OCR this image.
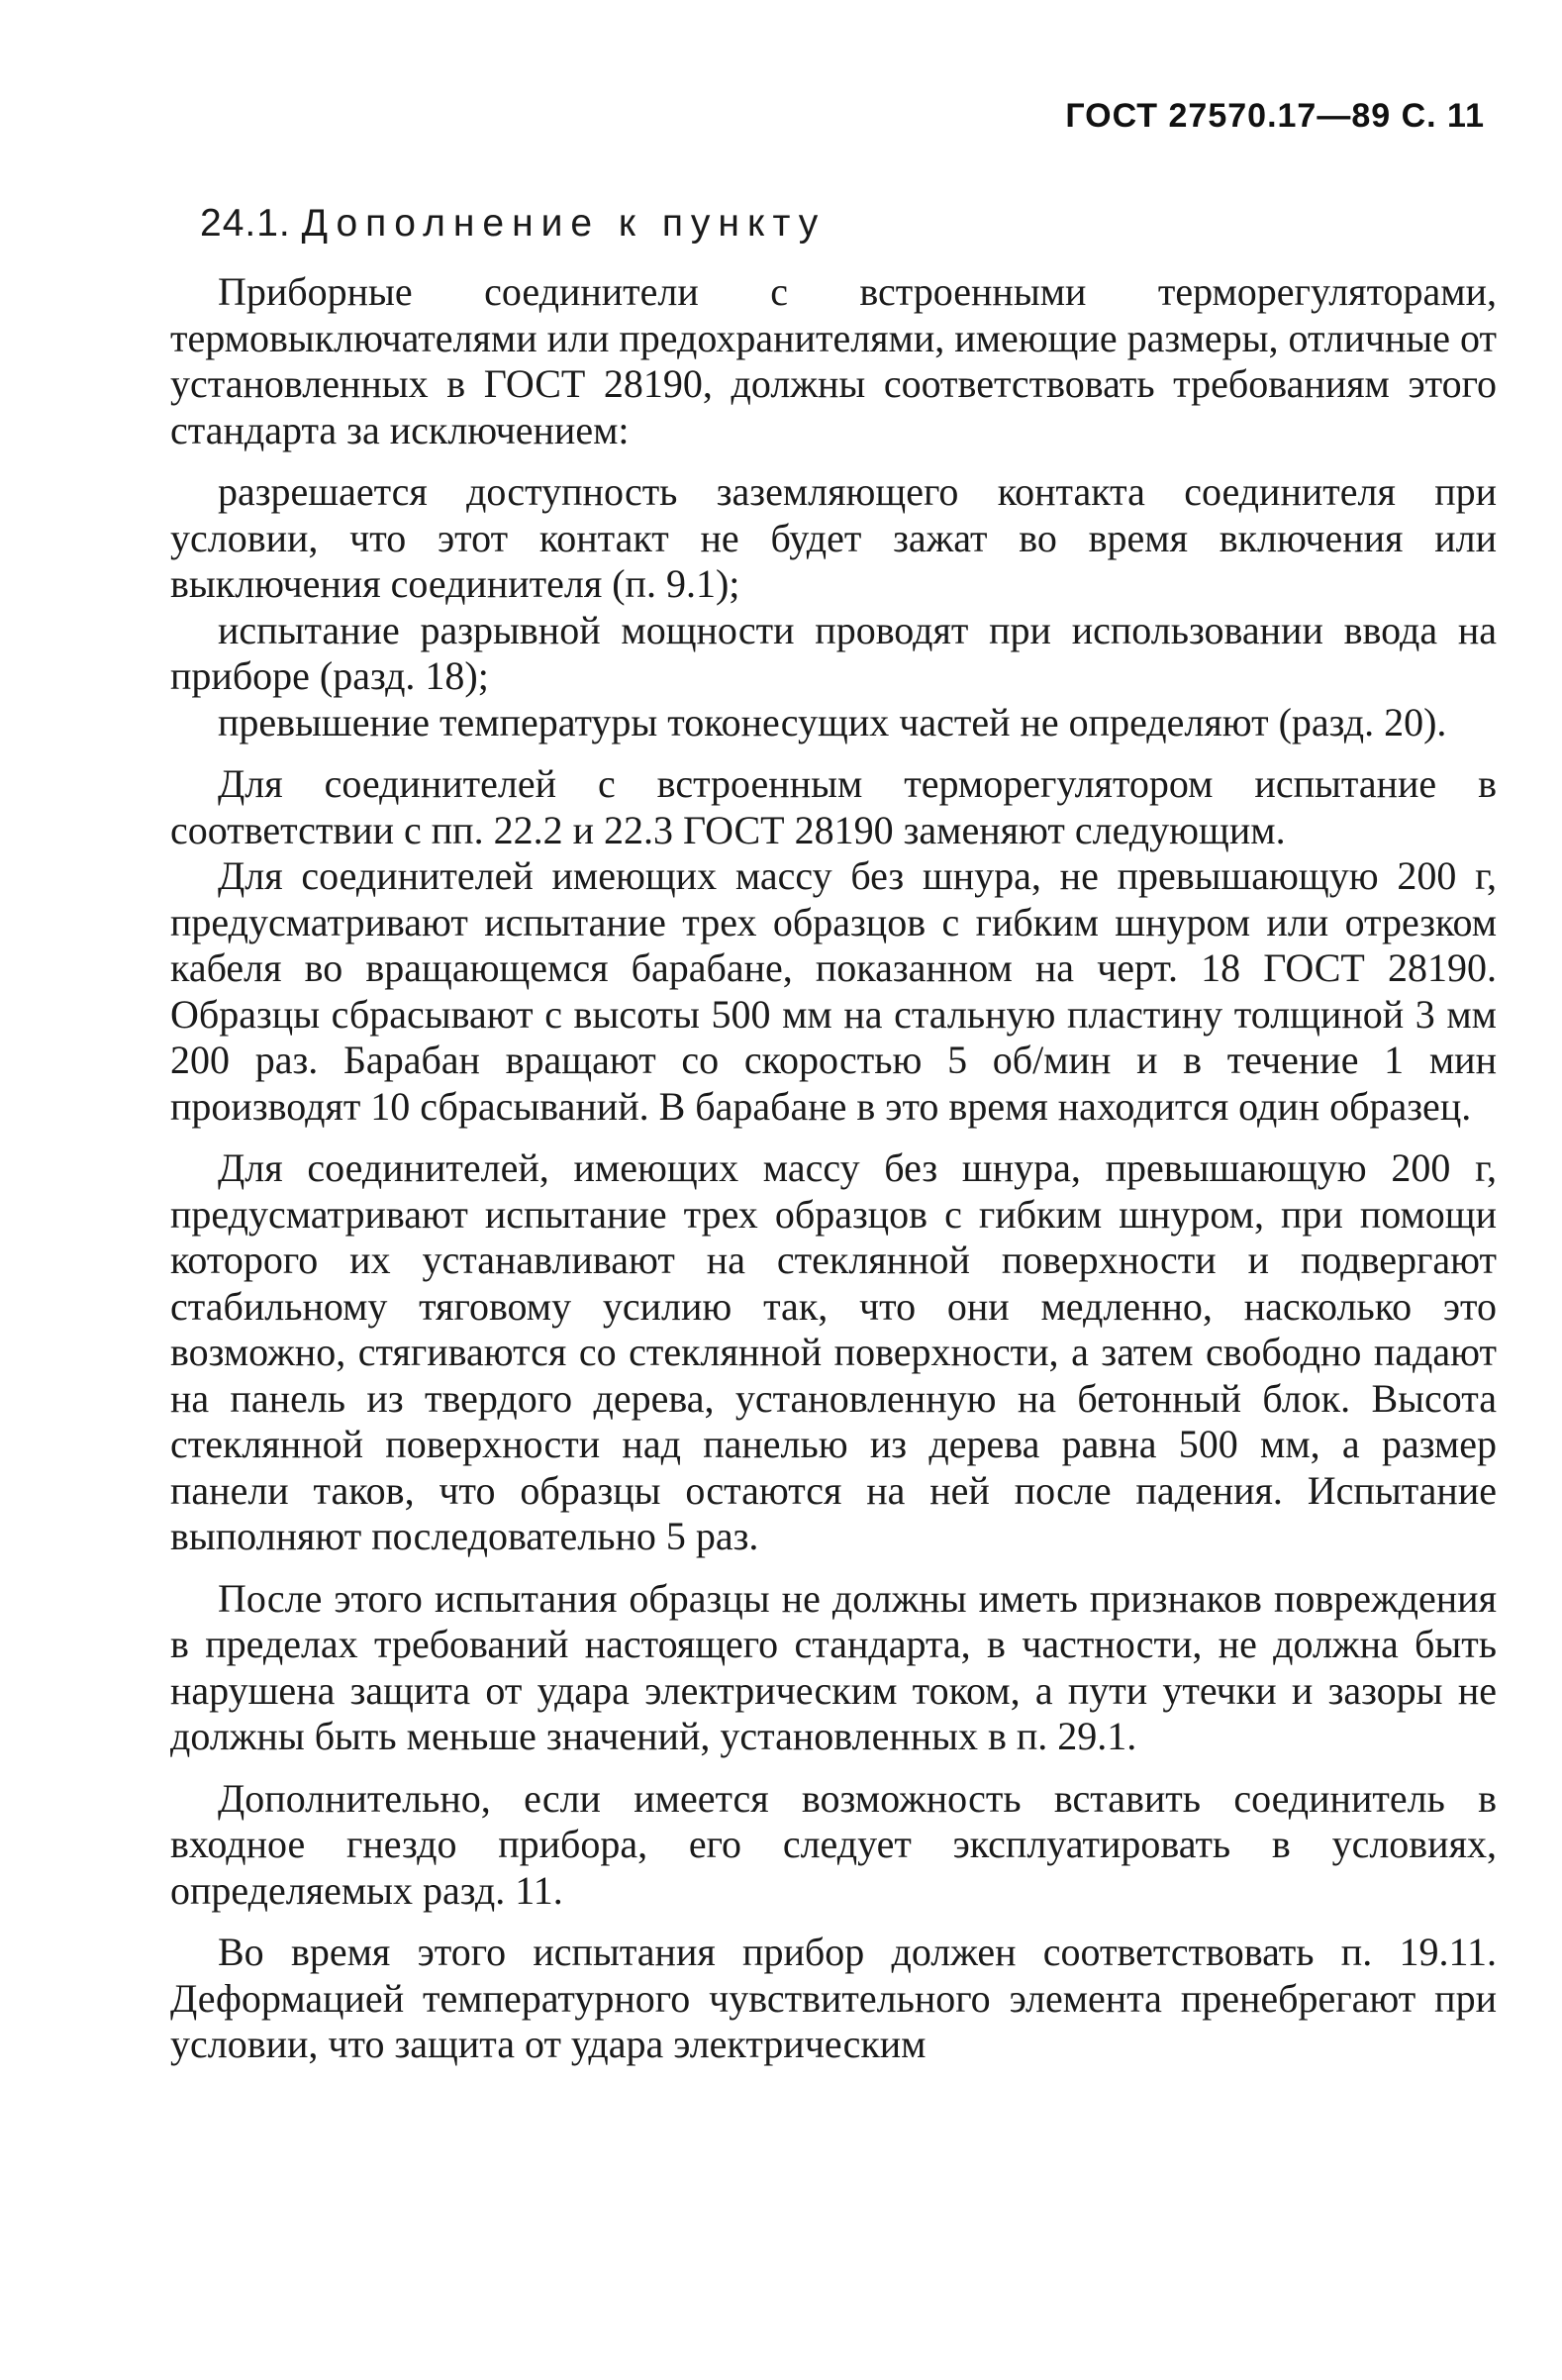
ГОСТ 27570.17—89 С. 11
24.1. Дополнение к пункту

Приборные соединители с встроенными терморегуляторами, термовыключателями или предохранителями, имеющие размеры, отличные от установленных в ГОСТ 28190, должны соответствовать требованиям этого стандарта за исключением:

разрешается доступность заземляющего контакта соединителя при условии, что этот контакт не будет зажат во время включения или выключения соединителя (п. 9.1);

испытание разрывной мощности проводят при использовании ввода на приборе (разд. 18);

превышение температуры токонесущих частей не определяют (разд. 20).

Для соединителей с встроенным терморегулятором испытание в соответствии с пп. 22.2 и 22.3 ГОСТ 28190 заменяют следующим.

Для соединителей имеющих массу без шнура, не превышающую 200 г, предусматривают испытание трех образцов с гибким шнуром или отрезком кабеля во вращающемся барабане, показанном на черт. 18 ГОСТ 28190. Образцы сбрасывают с высоты 500 мм на стальную пластину толщиной 3 мм 200 раз. Барабан вращают со скоростью 5 об/мин и в течение 1 мин производят 10 сбрасываний. В барабане в это время находится один образец.

Для соединителей, имеющих массу без шнура, превышающую 200 г, предусматривают испытание трех образцов с гибким шнуром, при помощи которого их устанавливают на стеклянной поверхности и подвергают стабильному тяговому усилию так, что они медленно, насколько это возможно, стягиваются со стеклянной поверхности, а затем свободно падают на панель из твердого дерева, установленную на бетонный блок. Высота стеклянной поверхности над панелью из дерева равна 500 мм, а размер панели таков, что образцы остаются на ней после падения. Испытание выполняют последовательно 5 раз.

После этого испытания образцы не должны иметь признаков повреждения в пределах требований настоящего стандарта, в частности, не должна быть нарушена защита от удара электрическим током, а пути утечки и зазоры не должны быть меньше значений, установленных в п. 29.1.

Дополнительно, если имеется возможность вставить соединитель в входное гнездо прибора, его следует эксплуатировать в условиях, определяемых разд. 11.

Во время этого испытания прибор должен соответствовать п. 19.11. Деформацией температурного чувствительного элемента пренебрегают при условии, что защита от удара электрическим
